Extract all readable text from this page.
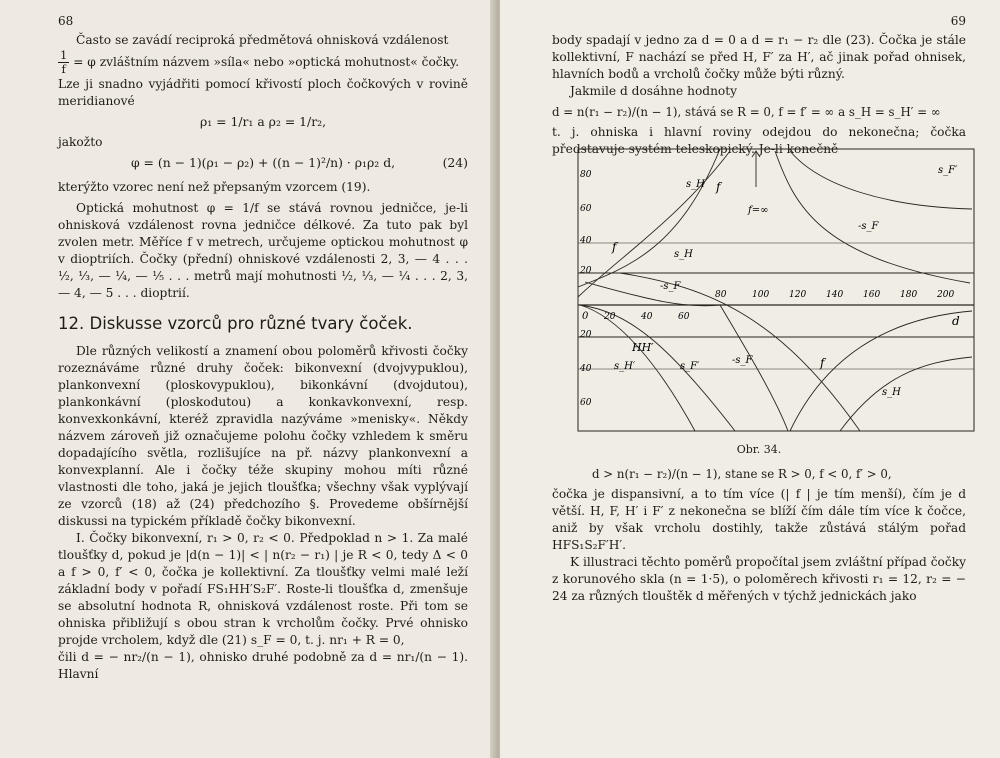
68

Často se zavádí reciproká předmětová ohnisková vzdálenost

$\frac{1}{f} = \varphi$ zvláštním názvem »síla« nebo »optická mohutnost« čočky.

Lze ji snadno vyjádřiti pomocí křivostí ploch čočkových v rovině meridianové

ρ₁ = 1/r₁ a ρ₂ = 1/r₂,

jakožto

φ = (n − 1)(ρ₁ − ρ₂) + ((n − 1)²/n) · ρ₁ρ₂ d,	(24)

kterýžto vzorec není než přepsaným vzorcem (19).

Optická mohutnost φ = 1/f se stává rovnou jedničce, je-li ohnisková vzdálenost rovna jedničce délkové. Za tuto pak byl zvolen metr. Měříce f v metrech, určujeme optickou mohutnost φ v dioptriích. Čočky (přední) ohniskové vzdálenosti 2, 3, — 4 . . . ½, ⅓, — ¼, — ⅕ . . . metrů mají mohutnosti ½, ⅓, — ¼ . . . 2, 3, — 4, — 5 . . . dioptrií.

12. Diskusse vzorců pro různé tvary čoček.

Dle různých velikostí a znamení obou poloměrů křivosti čočky rozeznáváme různé druhy čoček: bikonvexní (dvojvypuklou), plankonvexní (ploskovypuklou), bikonkávní (dvojdutou), plankonkávní (ploskodutou) a konkavkonvexní, resp. konvexkonkávní, kteréž zpravidla nazýváme »menisky«. Někdy názvem zároveň již označujeme polohu čočky vzhledem k směru dopadajícího světla, rozlišujíce na př. názvy plankonvexní a konvexplanní. Ale i čočky téže skupiny mohou míti různé vlastnosti dle toho, jaká je jejich tloušťka; všechny však vyplývají ze vzorců (18) až (24) předchozího §. Provedeme obšírnější diskussi na typickém příkladě čočky bikonvexní.

I. Čočky bikonvexní, r₁ > 0, r₂ < 0. Předpoklad n > 1. Za malé tloušťky d, pokud je |d(n − 1)| < | n(r₂ − r₁) | je R < 0, tedy Δ < 0 a f > 0, f′ < 0, čočka je kollektivní. Za tloušťky velmi malé leží základní body v pořadí FS₁HH′S₂F′. Roste-li tloušťka d, zmenšuje se absolutní hodnota R, ohnisková vzdálenost roste. Při tom se ohniska přibližují s obou stran k vrcholům čočky. Prvé ohnisko projde vrcholem, když dle (21) s_F = 0, t. j. nr₁ + R = 0,

čili d = − nr₂/(n − 1), ohnisko druhé podobně za d = nr₁/(n − 1). Hlavní

69

body spadají v jedno za d = 0 a d = r₁ − r₂ dle (23). Čočka je stále kollektivní, F nachází se před H, F′ za H′, ač jinak pořad ohnisek, hlavních bodů a vrcholů čočky může býti různý.

Jakmile d dosáhne hodnoty

d = n(r₁ − r₂)/(n − 1), stává se R = 0, f = f′ = ∞ a s_H = s_H′ = ∞

t. j. ohniska i hlavní roviny odejdou do nekonečna; čočka představuje systém teleskopický. Je-li konečně

20	40	60
80	100 120 140 160 180 200
80
60
40
20
20
40
60
0	d
s_F′
s_H f
f=∞
-s_F
f
s_H
-s_F
HH′
s_H′	s_F′
-s_F	f
s_H
Obr. 34.
d > n(r₁ − r₂)/(n − 1), stane se R > 0, f < 0, f′ > 0,

čočka je dispansivní, a to tím více (| f | je tím menší), čím je d větší. H, F, H′ i F′ z nekonečna se blíží čím dále tím více k čočce, aniž by však vrcholu dostihly, takže zůstává stálým pořad HFS₁S₂F′H′.

K illustraci těchto poměrů propočítal jsem zvláštní případ čočky z korunového skla (n = 1·5), o poloměrech křivosti r₁ = 12, r₂ = − 24 za různých tlouštěk d měřených v týchž jednickách jako
